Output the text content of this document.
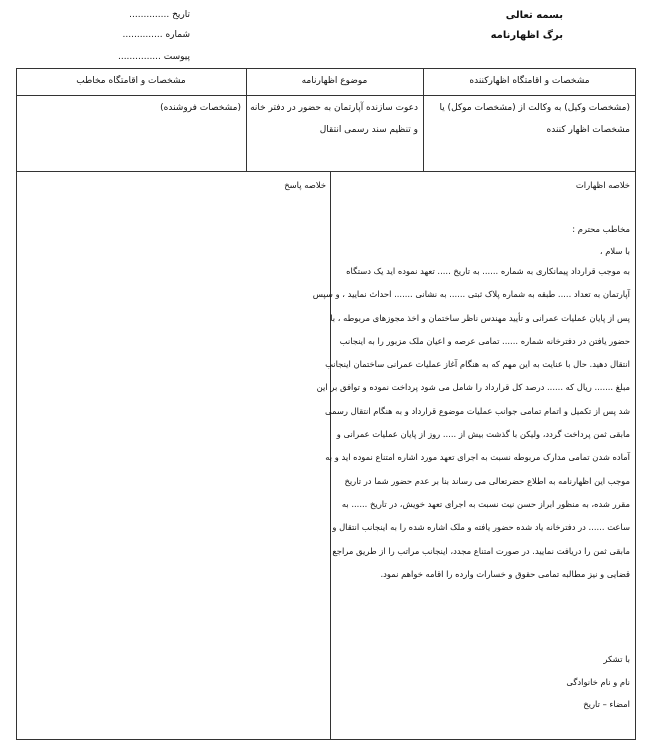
بسمه تعالی
برگ اظهارنامه
تاریخ ..............
شماره ..............
پیوست ...............
مشخصات و اقامتگاه اظهارکننده
موضوع اظهارنامه
مشخصات و اقامتگاه مخاطب
(مشخصات وکیل) به وکالت از (مشخصات موکل) یا
مشخصات اظهار کننده
دعوت سازنده آپارتمان به حضور در دفتر خانه
و تنظیم سند رسمی انتقال
(مشخصات فروشنده)
خلاصه اظهارات
خلاصه پاسخ
مخاطب محترم :
با سلام ،
به موجب قرارداد پیمانکاری به شماره ...... به تاریخ ..... تعهد نموده اید یک دستگاه
آپارتمان به تعداد ..... طبقه به شماره پلاک ثبتی ...... به نشانی ....... احداث نمایید ، و سپس
پس از پایان عملیات عمرانی و تأیید مهندس ناظر ساختمان و اخذ مجوزهای مربوطه ، با
حضور یافتن در دفترخانه شماره ...... تمامی عرصه و اعیان ملک مزبور را به اینجانب
انتقال دهید. حال با عنایت به این مهم که به هنگام آغاز عملیات عمرانی ساختمان اینجانب
مبلغ ....... ریال که ...... درصد کل قرارداد را شامل می شود پرداخت نموده و توافق بر این
شد پس از تکمیل و اتمام تمامی جوانب عملیات موضوع قرارداد و به هنگام انتقال رسمی
مابقی ثمن پرداخت گردد، ولیکن با گذشت بیش از ..... روز از پایان عملیات عمرانی و
آماده شدن تمامی مدارک مربوطه نسبت به اجرای تعهد مورد اشاره امتناع نموده اید و به
موجب این اظهارنامه به اطلاع حضرتعالی می رساند بنا بر عدم حضور شما در تاریخ
مقرر شده، به منظور ابراز حسن نیت نسبت به اجرای تعهد خویش، در تاریخ ...... به
ساعت ...... در دفترخانه یاد شده حضور یافته و ملک اشاره شده را به اینجانب انتقال و
مابقی ثمن را دریافت نمایید. در صورت امتناع مجدد، اینجانب مراتب را از طریق مراجع
قضایی و نیز مطالبه تمامی حقوق و خسارات وارده را اقامه خواهم نمود.
با تشکر
نام و نام خانوادگی
امضاء – تاریخ
